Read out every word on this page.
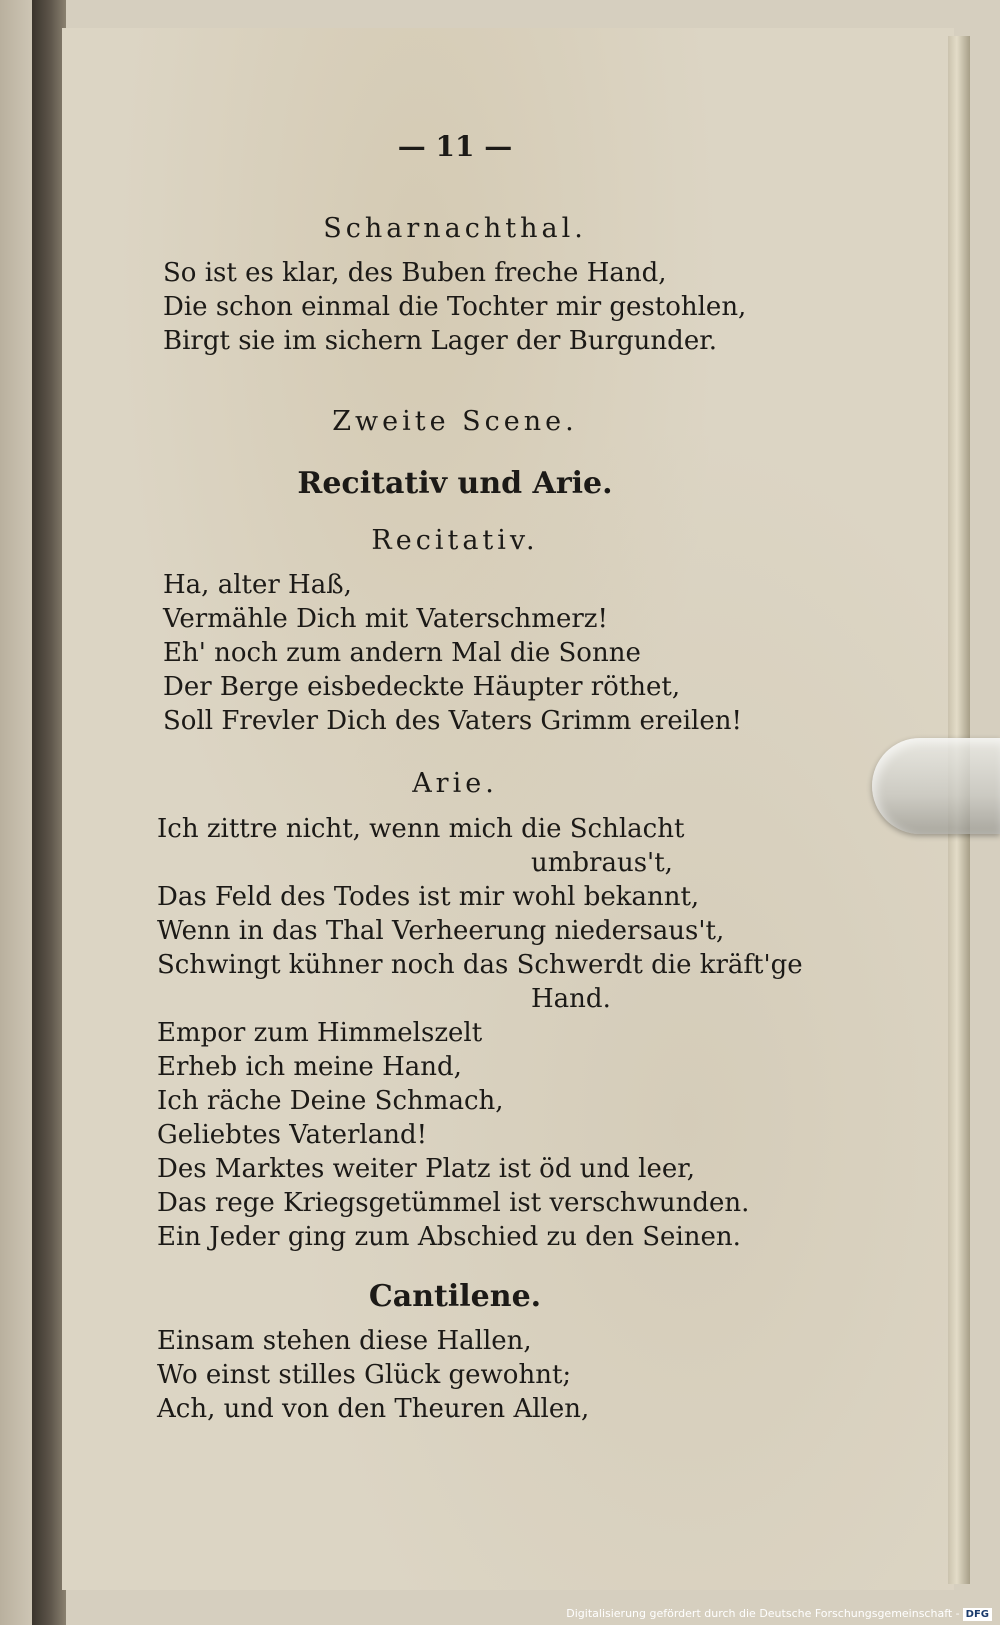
— 11 —
Scharnachthal.
So ist es klar, des Buben freche Hand,
Die schon einmal die Tochter mir gestohlen,
Birgt sie im sichern Lager der Burgunder.
Zweite Scene.
Recitativ und Arie.
Recitativ.
Ha, alter Haß,
Vermähle Dich mit Vaterschmerz!
Eh' noch zum andern Mal die Sonne
Der Berge eisbedeckte Häupter röthet,
Soll Frevler Dich des Vaters Grimm ereilen!
Arie.
Ich zittre nicht, wenn mich die Schlacht
umbraus't,
Das Feld des Todes ist mir wohl bekannt,
Wenn in das Thal Verheerung niedersaus't,
Schwingt kühner noch das Schwerdt die kräft'ge
Hand.
Empor zum Himmelszelt
Erheb ich meine Hand,
Ich räche Deine Schmach,
Geliebtes Vaterland!
Des Marktes weiter Platz ist öd und leer,
Das rege Kriegsgetümmel ist verschwunden.
Ein Jeder ging zum Abschied zu den Seinen.
Cantilene.
Einsam stehen diese Hallen,
Wo einst stilles Glück gewohnt;
Ach, und von den Theuren Allen,
Digitalisierung gefördert durch die Deutsche Forschungsgemeinschaft - DFG
